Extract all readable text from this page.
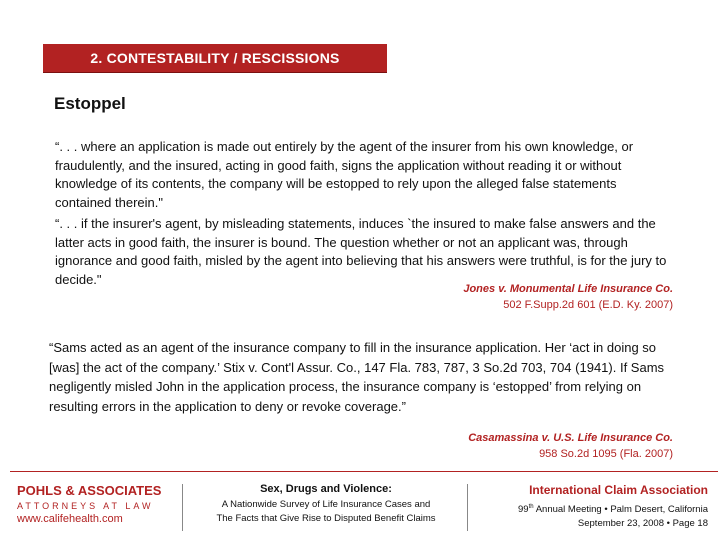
2. CONTESTABILITY / RESCISSIONS
Estoppel
“. . . where an application is made out entirely by the agent of the insurer from his own knowledge, or fraudulently, and the insured, acting in good faith, signs the application without reading it or without knowledge of its contents, the company will be estopped to rely upon the alleged false statements contained therein."
“. . . if the insurer's agent, by misleading statements, induces `the insured to make false answers and the latter acts in good faith, the insurer is bound. The question whether or not an applicant was, through ignorance and good faith, misled by the agent into believing that his answers were truthful, is for the jury to decide."
Jones v. Monumental Life Insurance Co.
502 F.Supp.2d 601 (E.D. Ky. 2007)
“Sams acted as an agent of the insurance company to fill in the insurance application. Her ‘act in doing so [was] the act of the company.’ Stix v. Cont'l Assur. Co., 147 Fla. 783, 787, 3 So.2d 703, 704 (1941). If Sams negligently misled John in the application process, the insurance company is ‘estopped’ from relying on resulting errors in the application to deny or revoke coverage.”
Casamassina v. U.S. Life Insurance Co.
958 So.2d 1095 (Fla. 2007)
POHLS & ASSOCIATES
ATTORNEYS AT LAW
www.califehealth.com
Sex, Drugs and Violence:
A Nationwide Survey of Life Insurance Cases and
The Facts that Give Rise to Disputed Benefit Claims
International Claim Association
99th Annual Meeting • Palm Desert, California
September 23, 2008 • Page 18
